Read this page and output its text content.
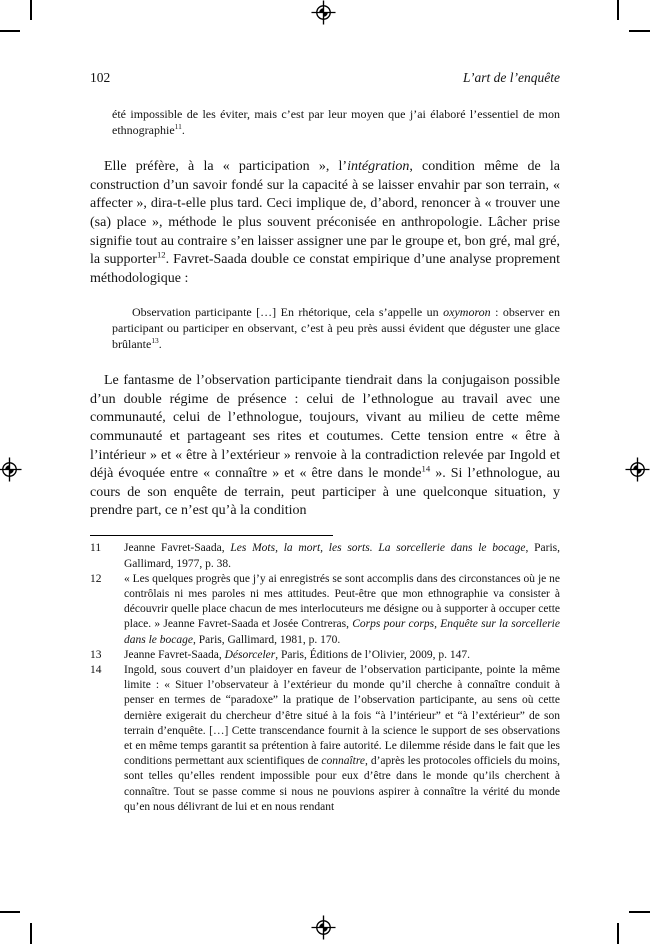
102	L’art de l’enquête

été impossible de les éviter, mais c’est par leur moyen que j’ai élaboré l’essentiel de mon ethnographie$^{11}$.

Elle préfère, à la « participation », l’intégration, condition même de la construction d’un savoir fondé sur la capacité à se laisser envahir par son terrain, « affecter », dira-t-elle plus tard. Ceci implique de, d’abord, renoncer à « trouver une (sa) place », méthode le plus souvent préconisée en anthropologie. Lâcher prise signifie tout au contraire s’en laisser assigner une par le groupe et, bon gré, mal gré, la supporter$^{12}$. Favret-Saada double ce constat empirique d’une analyse proprement méthodologique :

Observation participante […] En rhétorique, cela s’appelle un oxymoron : observer en participant ou participer en observant, c’est à peu près aussi évident que déguster une glace brûlante$^{13}$.

Le fantasme de l’observation participante tiendrait dans la conjugaison possible d’un double régime de présence : celui de l’ethnologue au travail avec une communauté, celui de l’ethnologue, toujours, vivant au milieu de cette même communauté et partageant ses rites et coutumes. Cette tension entre « être à l’intérieur » et « être à l’extérieur » renvoie à la contradiction relevée par Ingold et déjà évoquée entre « connaître » et « être dans le monde$^{14}$ ». Si l’ethnologue, au cours de son enquête de terrain, peut participer à une quelconque situation, y prendre part, ce n’est qu’à la condition

11 Jeanne Favret-Saada, Les Mots, la mort, les sorts. La sorcellerie dans le bocage, Paris, Gallimard, 1977, p. 38.
12 « Les quelques progrès que j’y ai enregistrés se sont accomplis dans des circonstances où je ne contrôlais ni mes paroles ni mes attitudes. Peut-être que mon ethnographie va consister à découvrir quelle place chacun de mes interlocuteurs me désigne ou à supporter à occuper cette place. » Jeanne Favret-Saada et Josée Contreras, Corps pour corps, Enquête sur la sorcellerie dans le bocage, Paris, Gallimard, 1981, p. 170.
13 Jeanne Favret-Saada, Désorceler, Paris, Éditions de l’Olivier, 2009, p. 147.
14 Ingold, sous couvert d’un plaidoyer en faveur de l’observation participante, pointe la même limite : « Situer l’observateur à l’extérieur du monde qu’il cherche à connaître conduit à penser en termes de “paradoxe” la pratique de l’observation participante, au sens où cette dernière exigerait du chercheur d’être situé à la fois “à l’intérieur” et “à l’extérieur” de son terrain d’enquête. […] Cette transcendance fournit à la science le support de ses observations et en même temps garantit sa prétention à faire autorité. Le dilemme réside dans le fait que les conditions permettant aux scientifiques de connaître, d’après les protocoles officiels du moins, sont telles qu’elles rendent impossible pour eux d’être dans le monde qu’ils cherchent à connaître. Tout se passe comme si nous ne pouvions aspirer à connaître la vérité du monde qu’en nous délivrant de lui et en nous rendant
